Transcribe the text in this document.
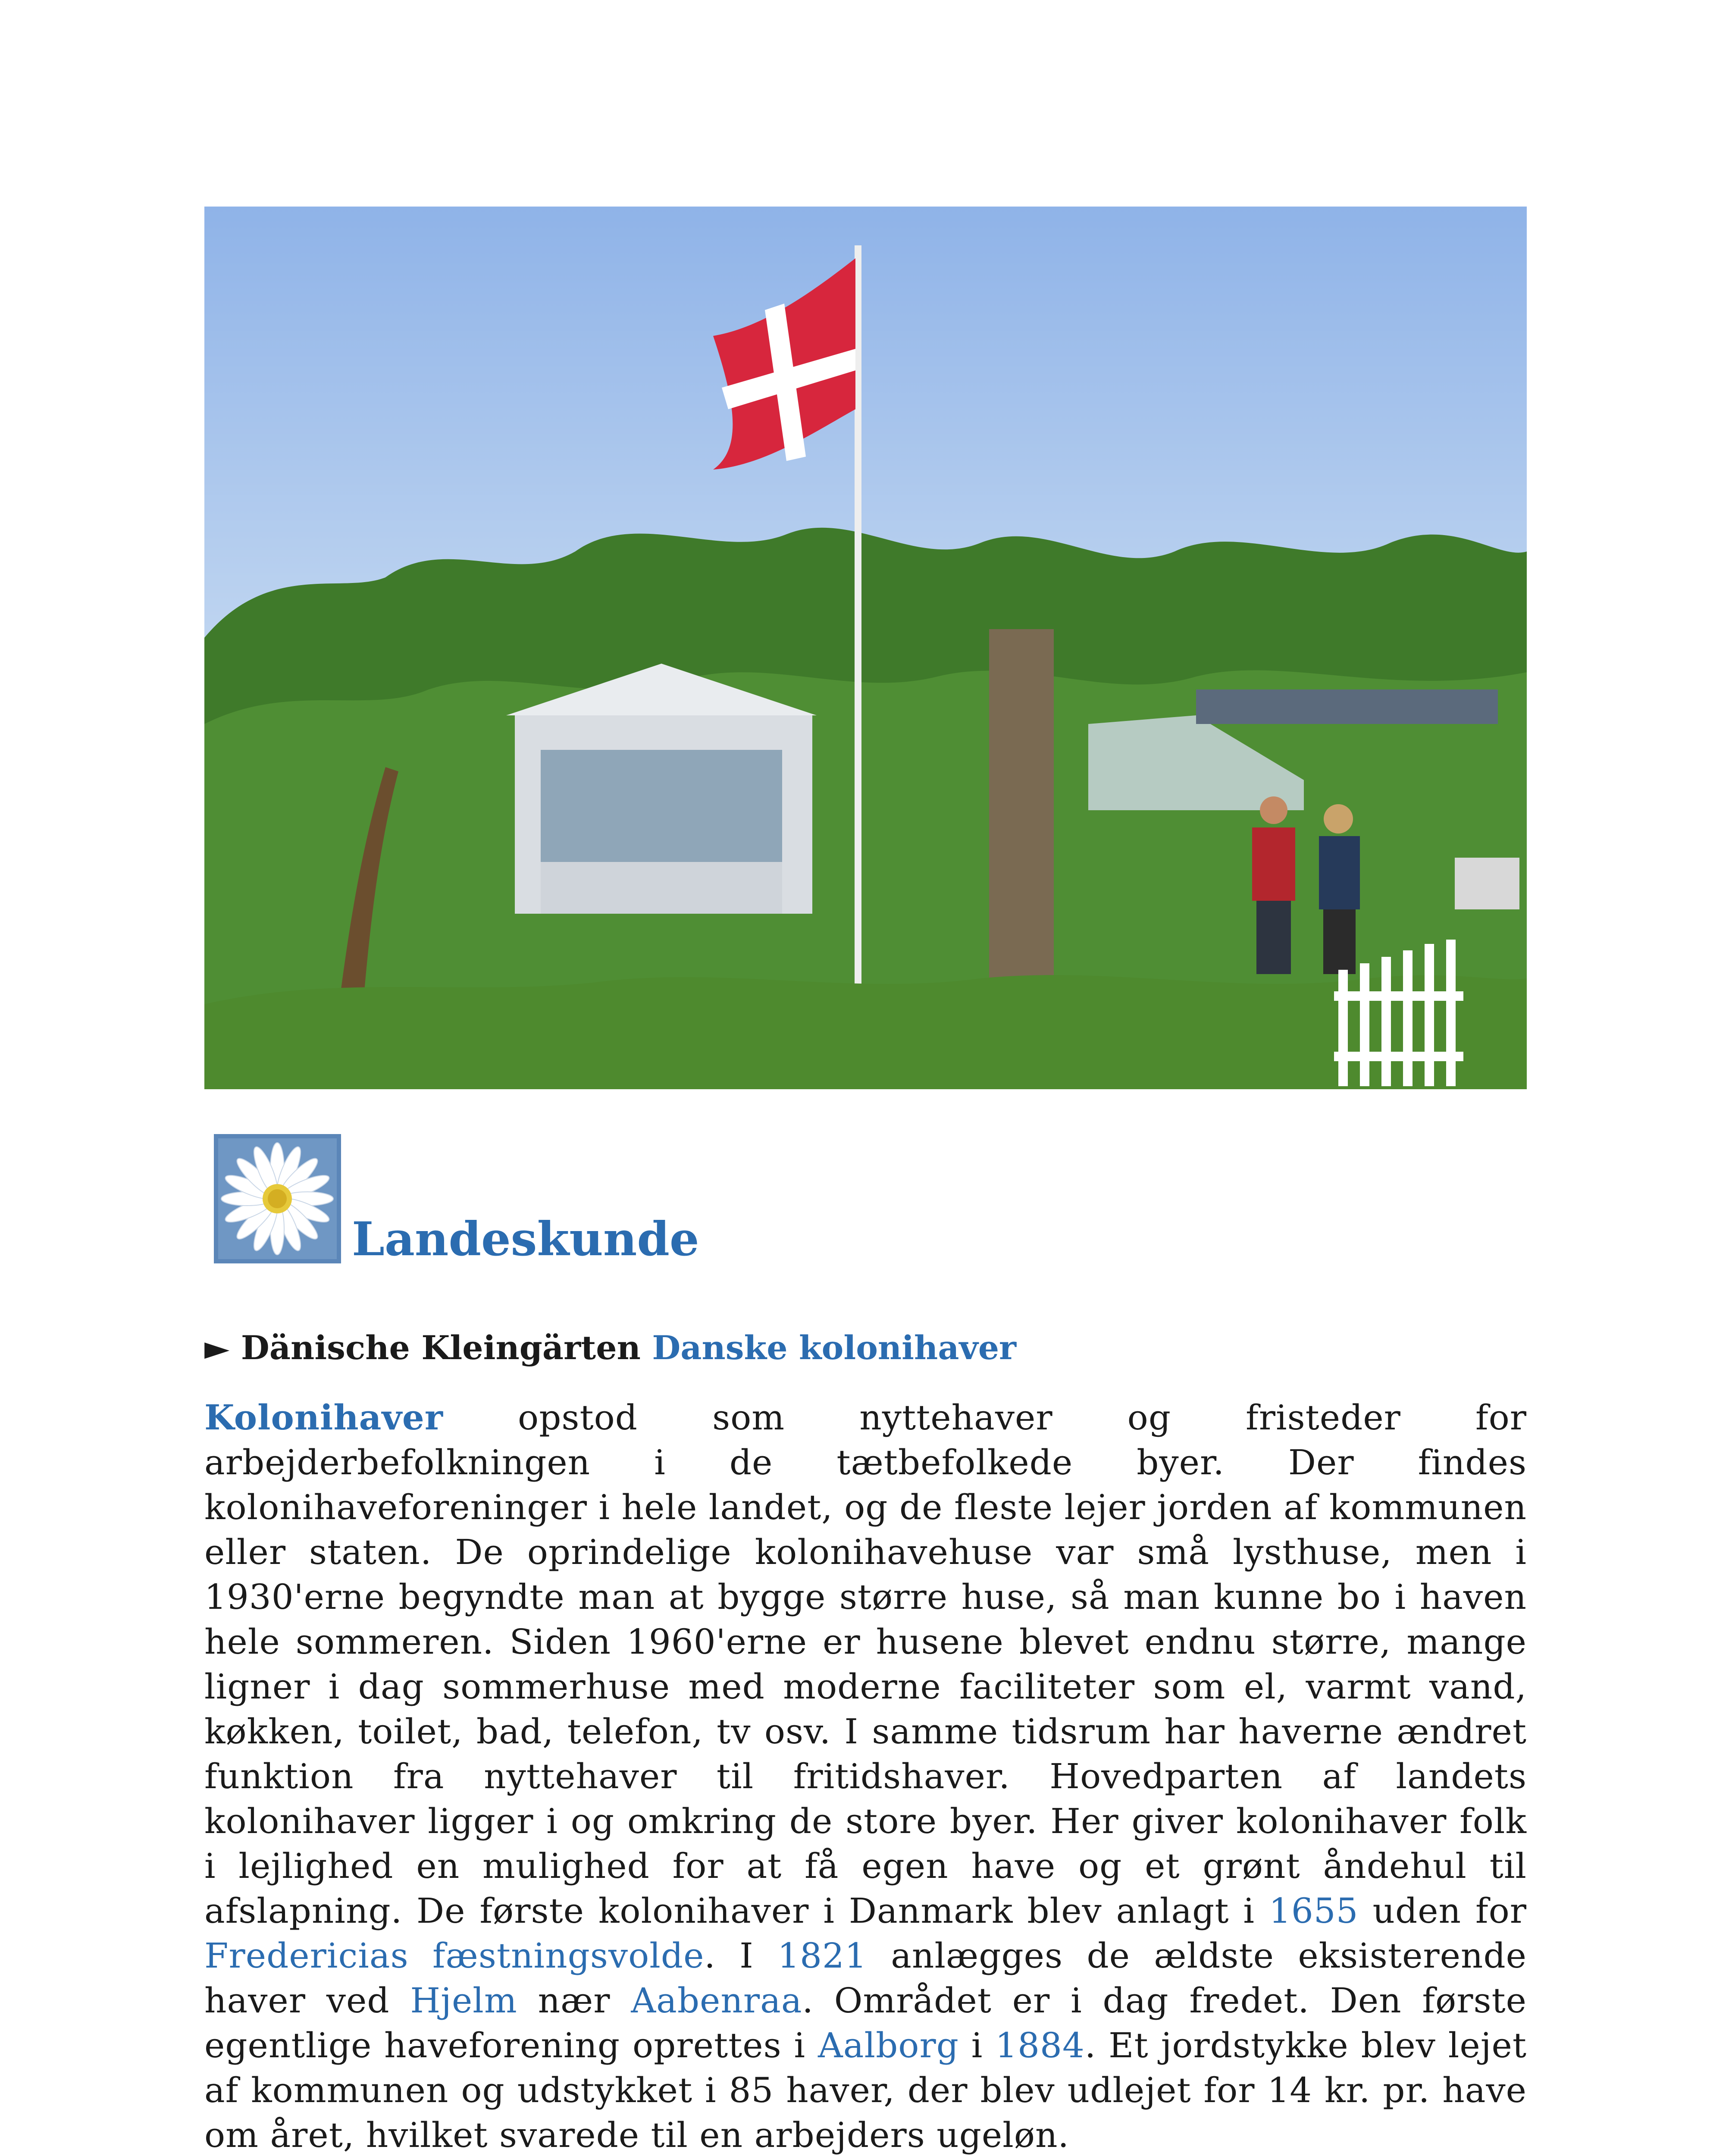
Landeskunde
► Dänische Kleingärten Danske kolonihaver
Kolonihaver opstod som nyttehaver og fristeder for arbejderbefolkningen i de tætbefolkede byer. Der findes kolonihaveforeninger i hele landet, og de fleste lejer jorden af kommunen eller staten. De oprindelige kolonihavehuse var små lysthuse, men i 1930'erne begyndte man at bygge større huse, så man kunne bo i haven hele sommeren. Siden 1960'erne er husene blevet endnu større, mange ligner i dag sommerhuse med moderne faciliteter som el, varmt vand, køkken, toilet, bad, telefon, tv osv. I samme tidsrum har haverne ændret funktion fra nyttehaver til fritidshaver. Hovedparten af landets kolonihaver ligger i og omkring de store byer. Her giver kolonihaver folk i lejlighed en mulighed for at få egen have og et grønt åndehul til afslapning. De første kolonihaver i Danmark blev anlagt i 1655 uden for Fredericias fæstningsvolde. I 1821 anlægges de ældste eksisterende haver ved Hjelm nær Aabenraa. Området er i dag fredet. Den første egentlige haveforening oprettes i Aalborg i 1884. Et jordstykke blev lejet af kommunen og udstykket i 85 haver, der blev udlejet for 14 kr. pr. have om året, hvilket svarede til en arbejders ugeløn.
